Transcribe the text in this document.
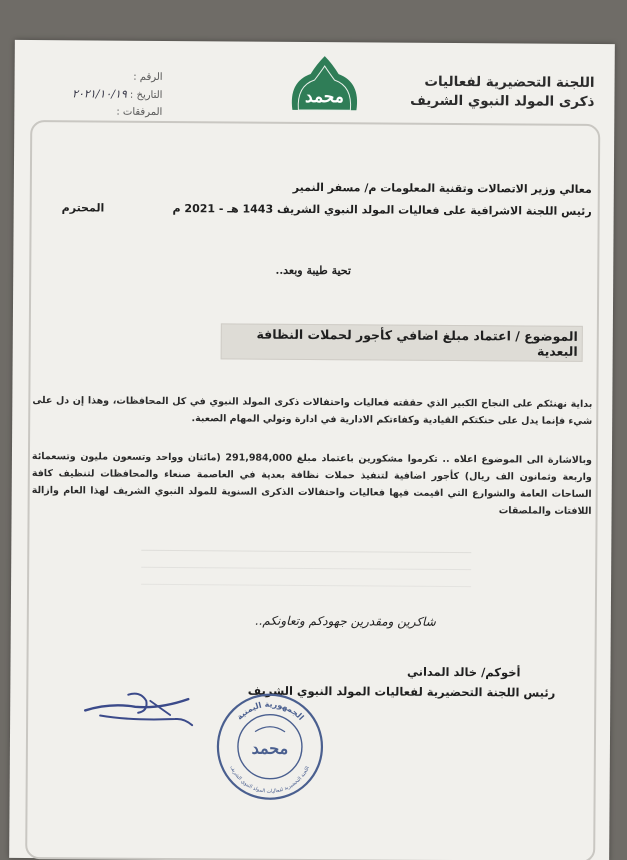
اللجنة التحضيرية لفعاليات
ذكرى المولد النبوي الشريف
محمد
الرقم :
التاريخ : ٢٠٢١/١٠/١٩
المرفقات :
معالي وزير الاتصالات وتقنية المعلومات م/ مسفر النمير
رئيس اللجنة الاشرافية على فعاليات المولد النبوي الشريف 1443 هـ - 2021 م
المحترم
تحية طيبة وبعد..
الموضوع / اعتماد مبلغ اضافي كأجور لحملات النظافة البعدية
بداية نهنئكم على النجاح الكبير الذي حققته فعاليات واحتفالات ذكرى المولد النبوي في كل المحافظات، وهذا إن دل على شيء فإنما يدل على حنكتكم القيادية وكفاءتكم الادارية في ادارة وتولي المهام الصعبة.
وبالاشارة الى الموضوع اعلاه .. تكرموا مشكورين باعتماد مبلغ 291,984,000 (مائتان وواحد وتسعون مليون وتسعمائة واربعة وثمانون الف ريال) كأجور اضافية لتنفيذ حملات نظافة بعدية في العاصمة صنعاء والمحافظات لتنظيف كافة الساحات العامة والشوارع التي اقيمت فيها فعاليات واحتفالات الذكرى السنوية للمولد النبوي الشريف لهذا العام وازالة اللافتات والملصقات
شاكرين ومقدرين جهودكم وتعاونكم..
أخوكم/ خالد المداني
رئيس اللجنة التحضيرية لفعاليات المولد النبوي الشريف
الجمهورية اليمنية
اللجنة التحضيرية لفعاليات المولد النبوي الشريف
محمد
